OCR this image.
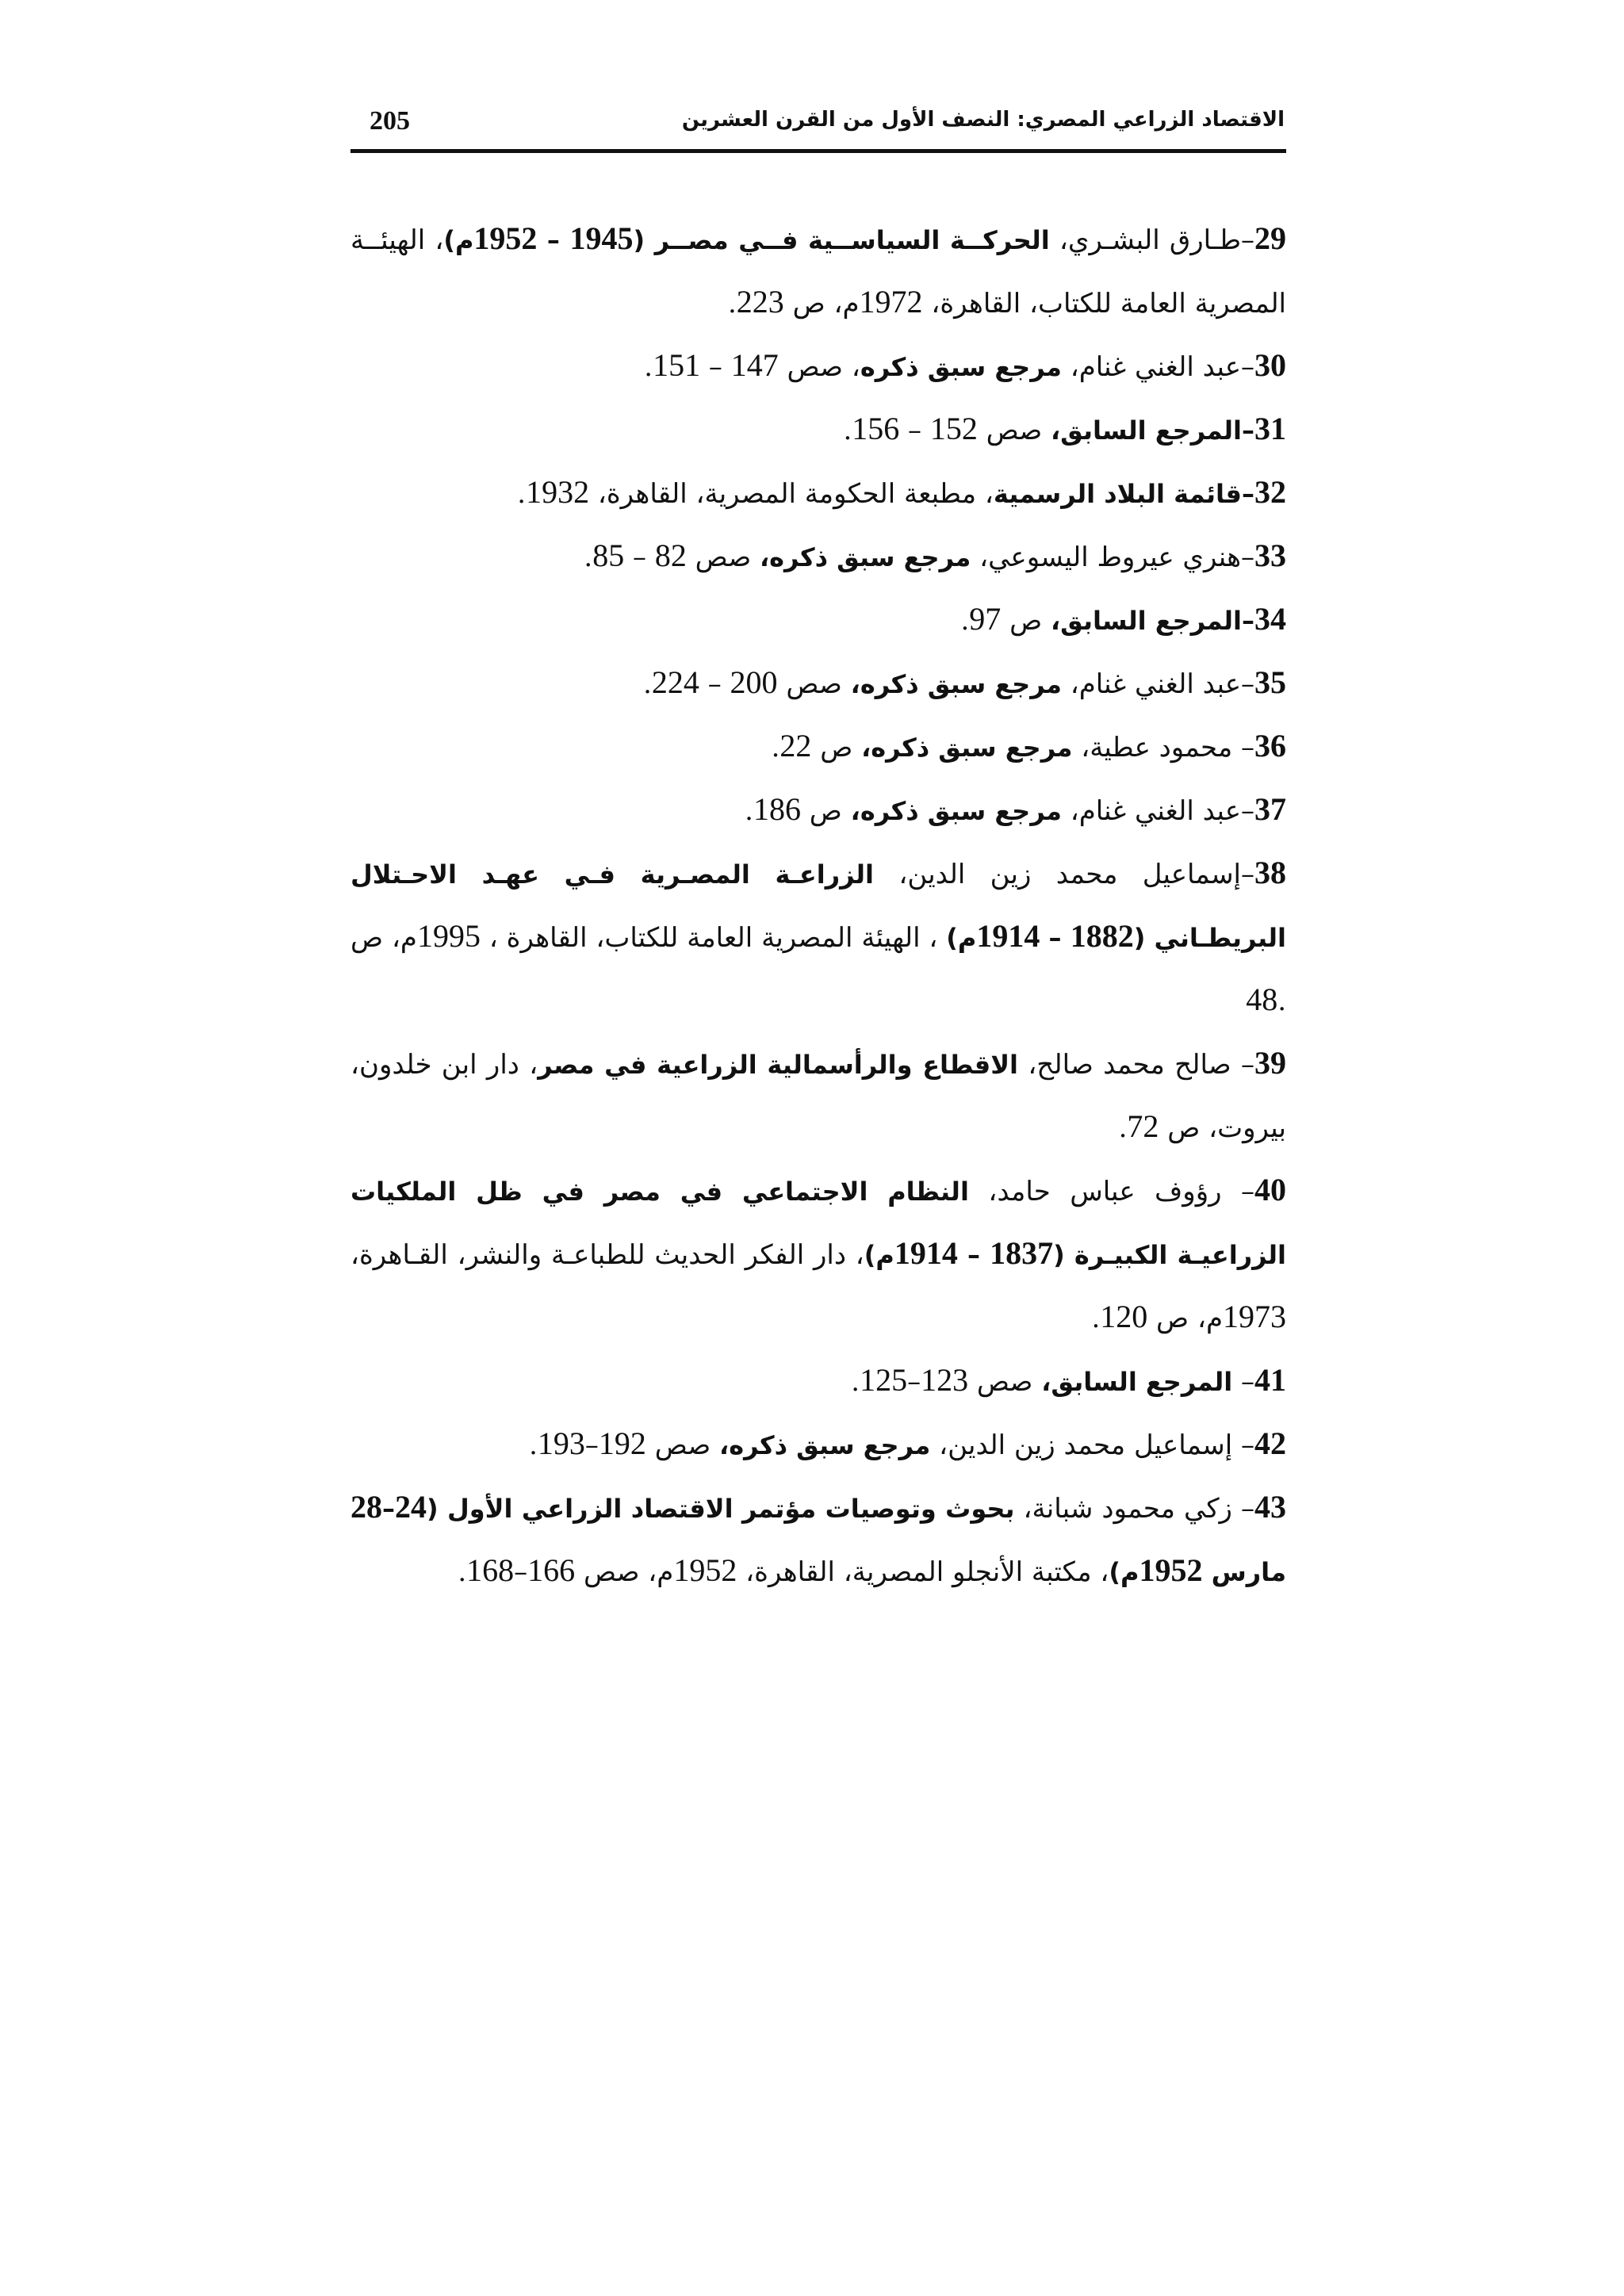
205	الاقتصاد الزراعي المصري: النصف الأول من القرن العشرين
29–طـارق البشـري، الحركــة السياســية فــي مصــر (1945 – 1952م)، الهيئــة المصرية العامة للكتاب، القاهرة، 1972م، ص 223.
30–عبد الغني غنام، مرجع سبق ذكره، صص 147 – 151.
31–المرجع السابق، صص 152 – 156.
32–قائمة البلاد الرسمية، مطبعة الحكومة المصرية، القاهرة، 1932.
33–هنري عيروط اليسوعي، مرجع سبق ذكره، صص 82 – 85.
34–المرجع السابق، ص 97.
35–عبد الغني غنام، مرجع سبق ذكره، صص 200 – 224.
36– محمود عطية، مرجع سبق ذكره، ص 22.
37–عبد الغني غنام، مرجع سبق ذكره، ص 186.
38–إسماعيل محمد زين الدين، الزراعـة المصـرية فـي عهـد الاحـتلال البريطـاني (1882 – 1914م) ، الهيئة المصرية العامة للكتاب، القاهرة ، 1995م، ص .48
39– صالح محمد صالح، الاقطاع والرأسمالية الزراعية في مصر، دار ابن خلدون، بيروت، ص 72.
40– رؤوف عباس حامد، النظام الاجتماعي في مصر في ظل الملكيات الزراعيـة الكبيـرة (1837 – 1914م)، دار الفكر الحديث للطباعـة والنشر، القـاهرة، 1973م، ص 120.
41– المرجع السابق، صص 123–125.
42– إسماعيل محمد زين الدين، مرجع سبق ذكره، صص 192–193.
43– زكي محمود شبانة، بحوث وتوصيات مؤتمر الاقتصاد الزراعي الأول (24–28 مارس 1952م)، مكتبة الأنجلو المصرية، القاهرة، 1952م، صص 166–168.
